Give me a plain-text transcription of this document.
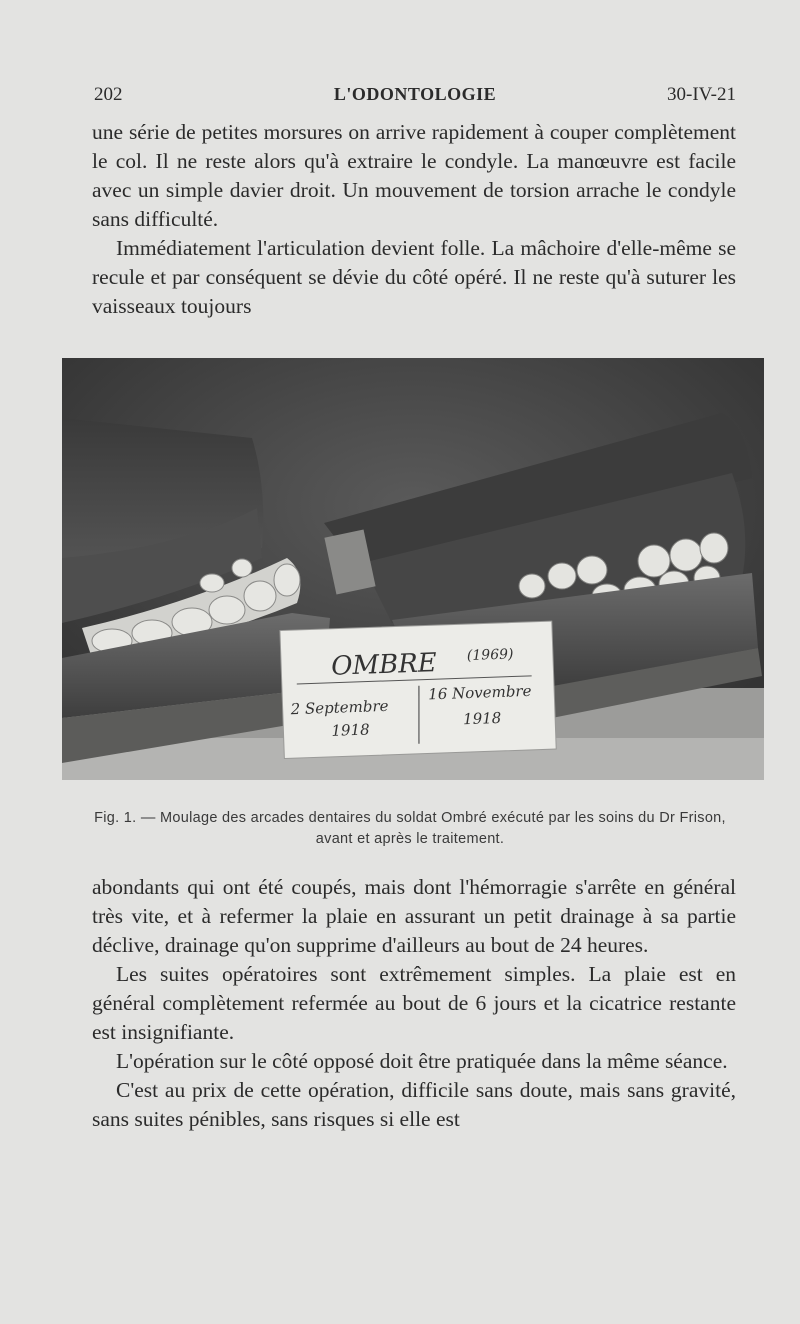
202	L'ODONTOLOGIE	30-IV-21

une série de petites morsures on arrive rapidement à couper complètement le col. Il ne reste alors qu'à extraire le condyle. La manœuvre est facile avec un simple davier droit. Un mouvement de torsion arrache le condyle sans difficulté.

Immédiatement l'articulation devient folle. La mâchoire d'elle-même se recule et par conséquent se dévie du côté opéré. Il ne reste qu'à suturer les vaisseaux toujours

OMBRE (1969)
2 Septembre
1918
16 Novembre
1918
Fig. 1. — Moulage des arcades dentaires du soldat Ombré exécuté par les soins du Dr Frison, avant et après le traitement.

abondants qui ont été coupés, mais dont l'hémorragie s'arrête en général très vite, et à refermer la plaie en assurant un petit drainage à sa partie déclive, drainage qu'on supprime d'ailleurs au bout de 24 heures.

Les suites opératoires sont extrêmement simples. La plaie est en général complètement refermée au bout de 6 jours et la cicatrice restante est insignifiante.

L'opération sur le côté opposé doit être pratiquée dans la même séance.

C'est au prix de cette opération, difficile sans doute, mais sans gravité, sans suites pénibles, sans risques si elle est
